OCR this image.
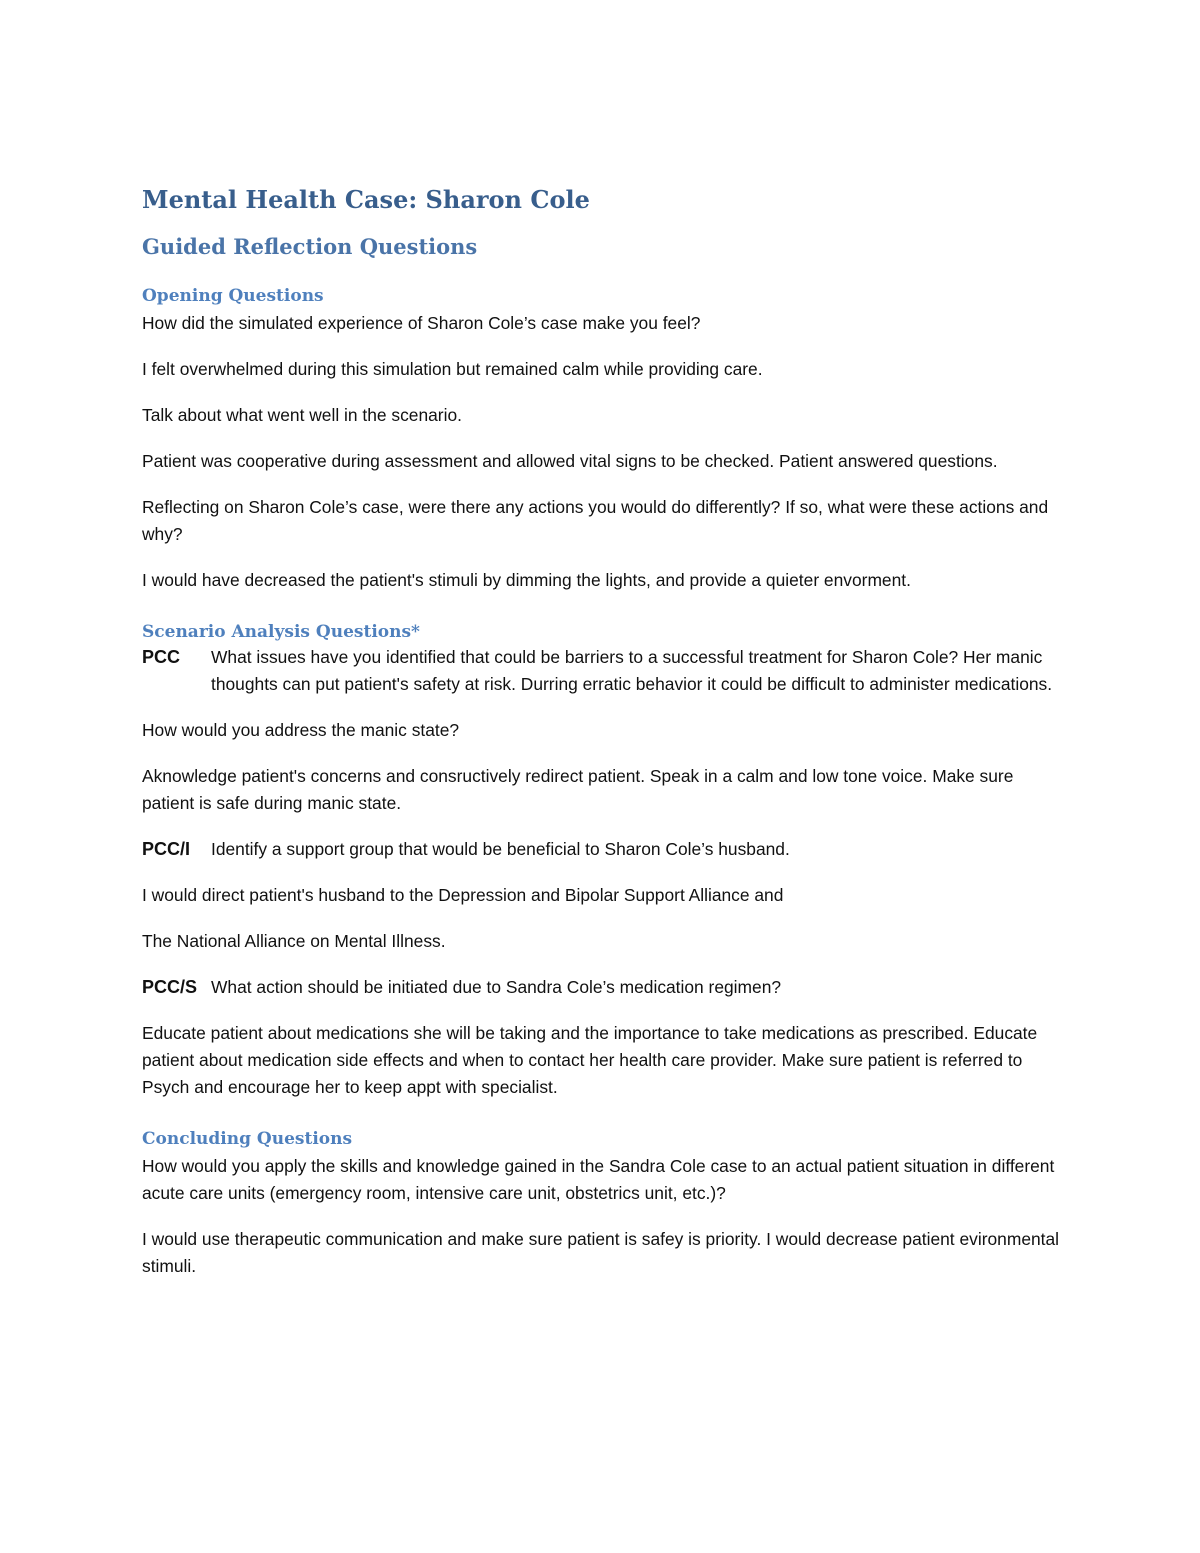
Mental Health Case: Sharon Cole
Guided Reflection Questions
Opening Questions

How did the simulated experience of Sharon Cole’s case make you feel?

I felt overwhelmed during this simulation but remained calm while providing care.

Talk about what went well in the scenario.

Patient was cooperative during assessment and allowed vital signs to be checked. Patient answered questions.

Reflecting on Sharon Cole’s case, were there any actions you would do differently? If so, what were these actions and why?

I would have decreased the patient's stimuli by dimming the lights, and provide a quieter envorment.

Scenario Analysis Questions*
PCC	What issues have you identified that could be barriers to a successful treatment for Sharon Cole? Her manic thoughts can put patient's safety at risk. Durring erratic behavior it could be difficult to administer medications.

How would you address the manic state?

Aknowledge patient's concerns and consructively redirect patient. Speak in a calm and low tone voice. Make sure patient is safe during manic state.

PCC/I	Identify a support group that would be beneficial to Sharon Cole’s husband.

I would direct patient's husband to the Depression and Bipolar Support Alliance and

The National Alliance on Mental Illness.

PCC/S What action should be initiated due to Sandra Cole’s medication regimen?

Educate patient about medications she will be taking and the importance to take medications as prescribed. Educate patient about medication side effects and when to contact her health care provider. Make sure patient is referred to Psych and encourage her to keep appt with specialist.

Concluding Questions

How would you apply the skills and knowledge gained in the Sandra Cole case to an actual patient situation in different acute care units (emergency room, intensive care unit, obstetrics unit, etc.)?

I would use therapeutic communication and make sure patient is safey is priority. I would decrease patient evironmental stimuli.
